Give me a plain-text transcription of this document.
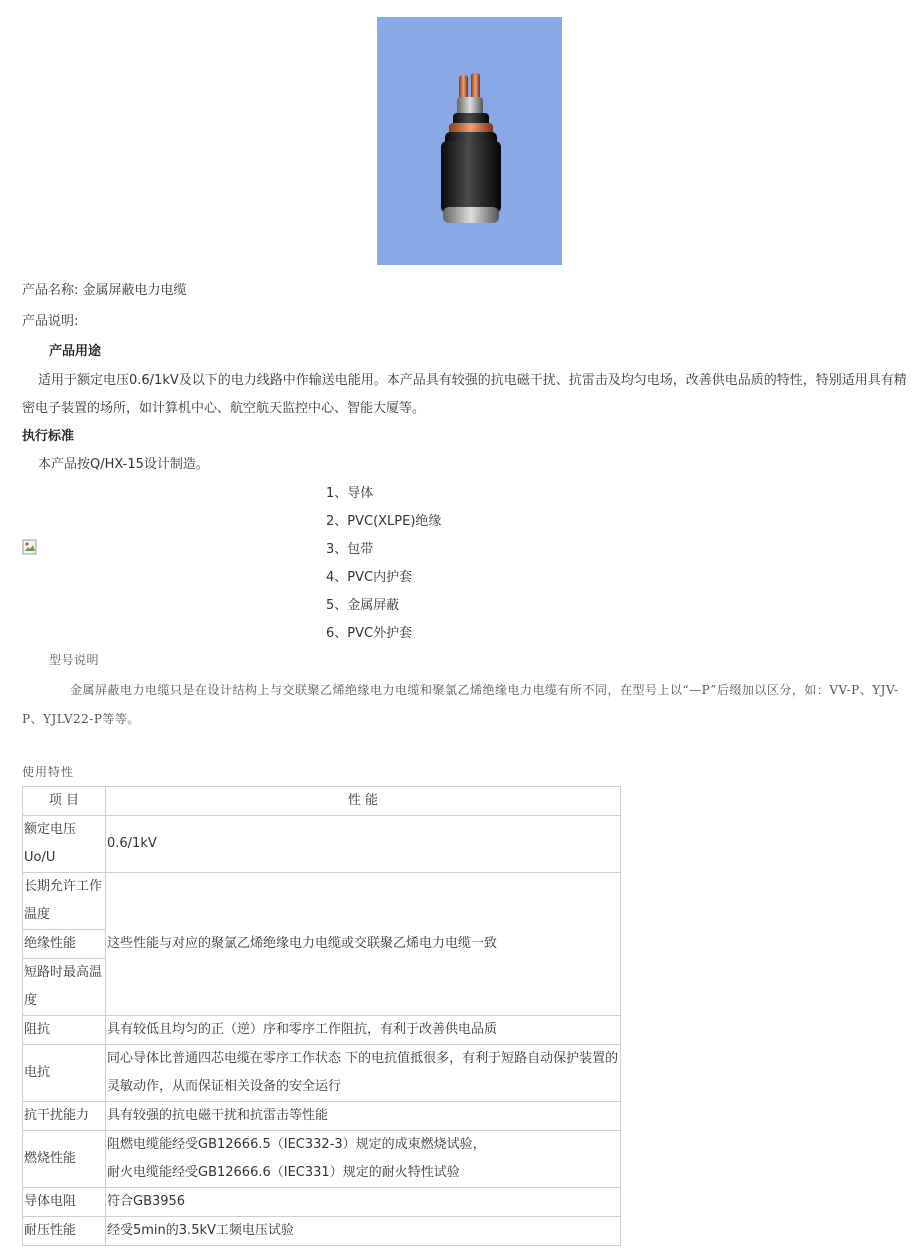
产品名称: 金属屏蔽电力电缆
产品说明:
产品用途
适用于额定电压0.6/1kV及以下的电力线路中作输送电能用。本产品具有较强的抗电磁干扰、抗雷击及均匀电场，改善供电品质的特性，特别适用具有精密电子装置的场所，如计算机中心、航空航天监控中心、智能大厦等。
执行标准
本产品按Q/HX-15设计制造。
1、导体
2、PVC(XLPE)绝缘
3、包带
4、PVC内护套
5、金属屏蔽
6、PVC外护套
型号说明
金属屏蔽电力电缆只是在设计结构上与交联聚乙烯绝缘电力电缆和聚氯乙烯绝缘电力电缆有所不同，在型号上以“—P”后缀加以区分，如：VV-P、YJV-P、YJLV22-P等等。
使用特性
项 目	性 能
额定电压Uo/U	0.6/1kV
长期允许工作温度	这些性能与对应的聚氯乙烯绝缘电力电缆或交联聚乙烯电力电缆一致
绝缘性能	
短路时最高温度	
阻抗	具有较低且均匀的正（逆）序和零序工作阻抗，有利于改善供电品质
电抗	同心导体比普通四芯电缆在零序工作状态 下的电抗值抵很多，有利于短路自动保护装置的灵敏动作，从而保证相关设备的安全运行
抗干扰能力	具有较强的抗电磁干扰和抗雷击等性能
燃烧性能	阻燃电缆能经受GB12666.5（IEC332-3）规定的成束燃烧试验，
耐火电缆能经受GB12666.6（IEC331）规定的耐火特性试验

导体电阻	符合GB3956
耐压性能	经受5min的3.5kV工频电压试验
